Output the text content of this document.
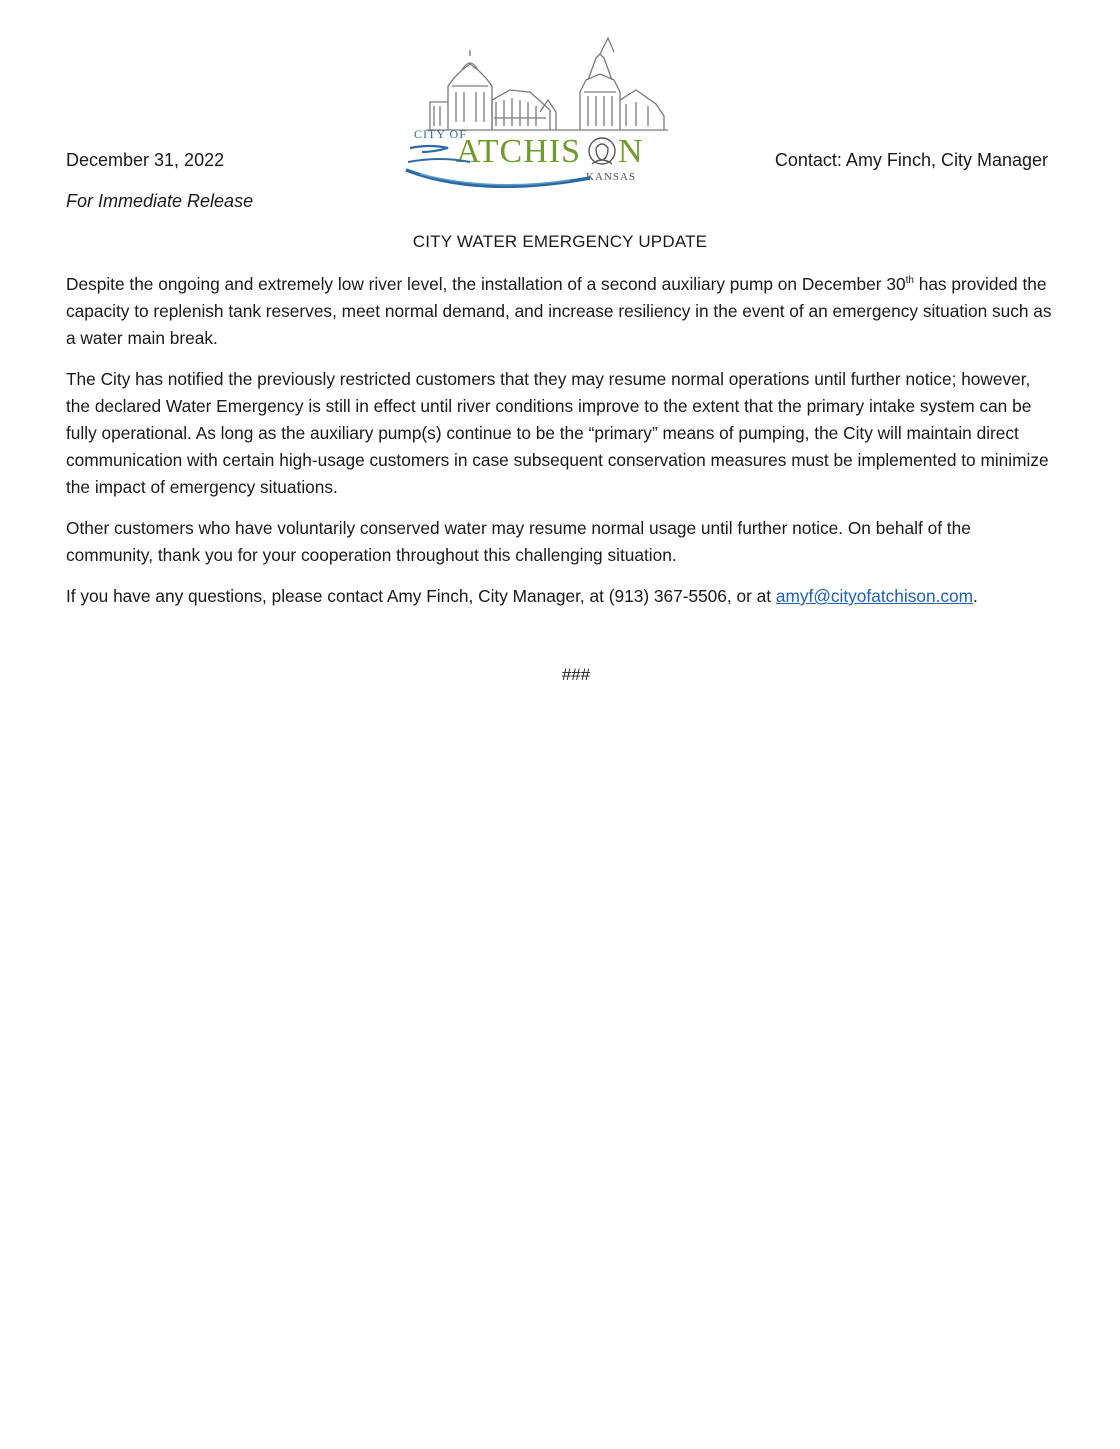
December 31, 2022
CITY OF
ATCHIS N
KANSAS
Contact: Amy Finch, City Manager
For Immediate Release
CITY WATER EMERGENCY UPDATE

Despite the ongoing and extremely low river level, the installation of a second auxiliary pump on December 30th has provided the capacity to replenish tank reserves, meet normal demand, and increase resiliency in the event of an emergency situation such as a water main break.

The City has notified the previously restricted customers that they may resume normal operations until further notice; however, the declared Water Emergency is still in effect until river conditions improve to the extent that the primary intake system can be fully operational. As long as the auxiliary pump(s) continue to be the “primary” means of pumping, the City will maintain direct communication with certain high-usage customers in case subsequent conservation measures must be implemented to minimize the impact of emergency situations.

Other customers who have voluntarily conserved water may resume normal usage until further notice. On behalf of the community, thank you for your cooperation throughout this challenging situation.

If you have any questions, please contact Amy Finch, City Manager, at (913) 367-5506, or at amyf@cityofatchison.com.

###
